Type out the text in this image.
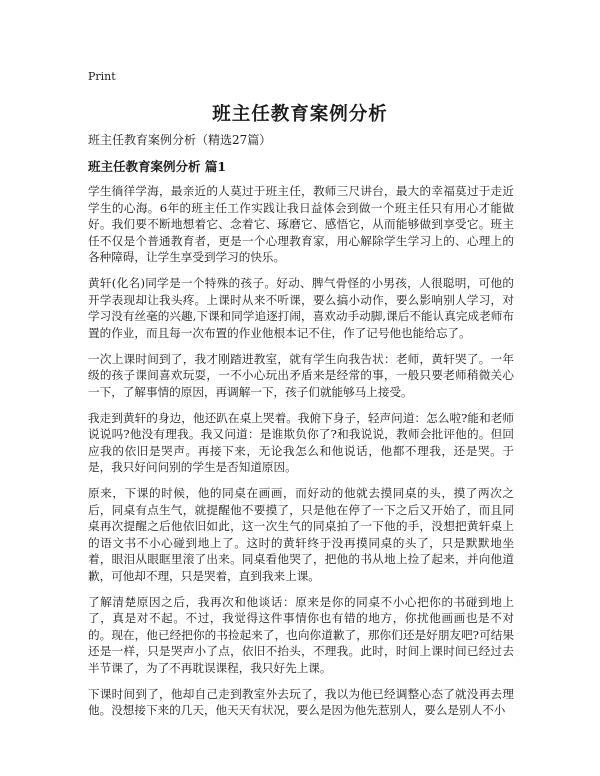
Print
班主任教育案例分析
班主任教育案例分析（精选27篇）
班主任教育案例分析 篇1

学生徜徉学海，最亲近的人莫过于班主任，教师三尺讲台，最大的幸福莫过于走近学生的心海。6年的班主任工作实践让我日益体会到做一个班主任只有用心才能做好。我们要不断地想着它、念着它、琢磨它、感悟它，从而能够做到享受它。班主任不仅是个普通教育者，更是一个心理教育家，用心解除学生学习上的、心理上的各种障碍，让学生享受到学习的快乐。

黄轩(化名)同学是一个特殊的孩子。好动、脾气骨怪的小男孩，人很聪明，可他的开学表现却让我头疼。上课时从来不听课，要么搞小动作，要么影响别人学习，对学习没有丝毫的兴趣,下课和同学追逐打闹，喜欢动手动脚,课后不能认真完成老师布置的作业，而且每一次布置的作业他根本记不住，作了记号他也能给忘了。

一次上课时间到了，我才刚踏进教室，就有学生向我告状：老师，黄轩哭了。一年级的孩子课间喜欢玩耍，一不小心玩出矛盾来是经常的事，一般只要老师稍微关心一下，了解事情的原因，再调解一下，孩子们就能够马上接受。

我走到黄轩的身边，他还趴在桌上哭着。我俯下身子，轻声问道：怎么啦?能和老师说说吗?他没有理我。我又问道：是谁欺负你了?和我说说，教师会批评他的。但回应我的依旧是哭声。再接下来，无论我怎么和他说话，他都不理我，还是哭。于是，我只好问问别的学生是否知道原因。

原来，下课的时候，他的同桌在画画，而好动的他就去摸同桌的头，摸了两次之后，同桌有点生气，就提醒他不要摸了，只是他在停了一下之后又开始了，而且同桌再次提醒之后他依旧如此，这一次生气的同桌拍了一下他的手，没想把黄轩桌上的语文书不小心碰到地上了。这时的黄轩终于没再摸同桌的头了，只是默默地坐着，眼泪从眼眶里滚了出来。同桌看他哭了，把他的书从地上捡了起来，并向他道歉，可他却不理，只是哭着，直到我来上课。

了解清楚原因之后，我再次和他谈话：原来是你的同桌不小心把你的书碰到地上了，真是对不起。不过，我觉得这件事情你也有错的地方，你扰他画画也是不对的。现在，他已经把你的书捡起来了，也向你道歉了，那你们还是好朋友吧?可结果还是一样，只是哭声小了点，依旧不抬头，不理我。此时，时间上课时间已经过去半节课了，为了不再耽误课程，我只好先上课。

下课时间到了，他却自己走到教室外去玩了，我以为他已经调整心态了就没再去理他。没想接下来的几天，他天天有状况，要么是因为他先惹别人，要么是别人不小
